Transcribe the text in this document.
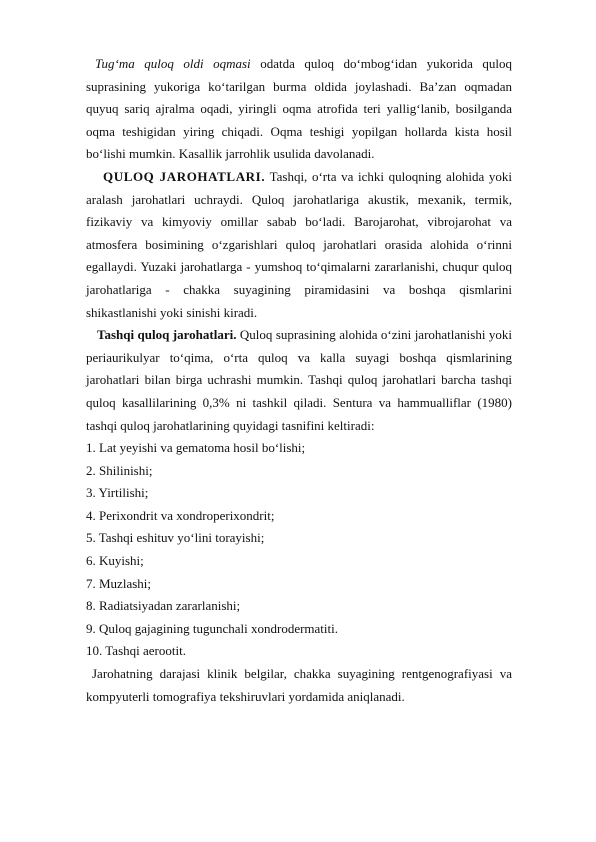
Tug‘ma quloq oldi oqmasi odatda quloq do‘mbog‘idan yukorida quloq suprasining yukoriga ko‘tarilgan burma oldida joylashadi. Ba’zan oqmadan quyuq sariq ajralma oqadi, yiringli oqma atrofida teri yallig‘lanib, bosilganda oqma teshigidan yiring chiqadi. Oqma teshigi yopilgan hollarda kista hosil bo‘lishi mumkin. Kasallik jarrohlik usulida davolanadi.

QULOQ JAROHATLARI. Tashqi, o‘rta va ichki quloqning alohida yoki aralash jarohatlari uchraydi. Quloq jarohatlariga akustik, mexanik, termik, fizikaviy va kimyoviy omillar sabab bo‘ladi. Barojarohat, vibrojarohat va atmosfera bosimining o‘zgarishlari quloq jarohatlari orasida alohida o‘rinni egallaydi. Yuzaki jarohatlarga - yumshoq to‘qimalarni zararlanishi, chuqur quloq jarohatlariga - chakka suyagining piramidasini va boshqa qismlarini shikastlanishi yoki sinishi kiradi.

Tashqi quloq jarohatlari. Quloq suprasining alohida o‘zini jarohatlanishi yoki periaurikulyar to‘qima, o‘rta quloq va kalla suyagi boshqa qismlarining jarohatlari bilan birga uchrashi mumkin. Tashqi quloq jarohatlari barcha tashqi quloq kasallilarining 0,3% ni tashkil qiladi. Sentura va hammualliflar (1980) tashqi quloq jarohatlarining quyidagi tasnifini keltiradi:

1. Lat yeyishi va gematoma hosil bo‘lishi;

2. Shilinishi;

3. Yirtilishi;

4. Perixondrit va xondroperixondrit;

5. Tashqi eshituv yo‘lini torayishi;

6. Kuyishi;

7. Muzlashi;

8. Radiatsiyadan zararlanishi;

9. Quloq gajagining tugunchali xondrodermatiti.

10. Tashqi aerootit.

Jarohatning darajasi klinik belgilar, chakka suyagining rentgenografiyasi va kompyuterli tomografiya tekshiruvlari yordamida aniqlanadi.
